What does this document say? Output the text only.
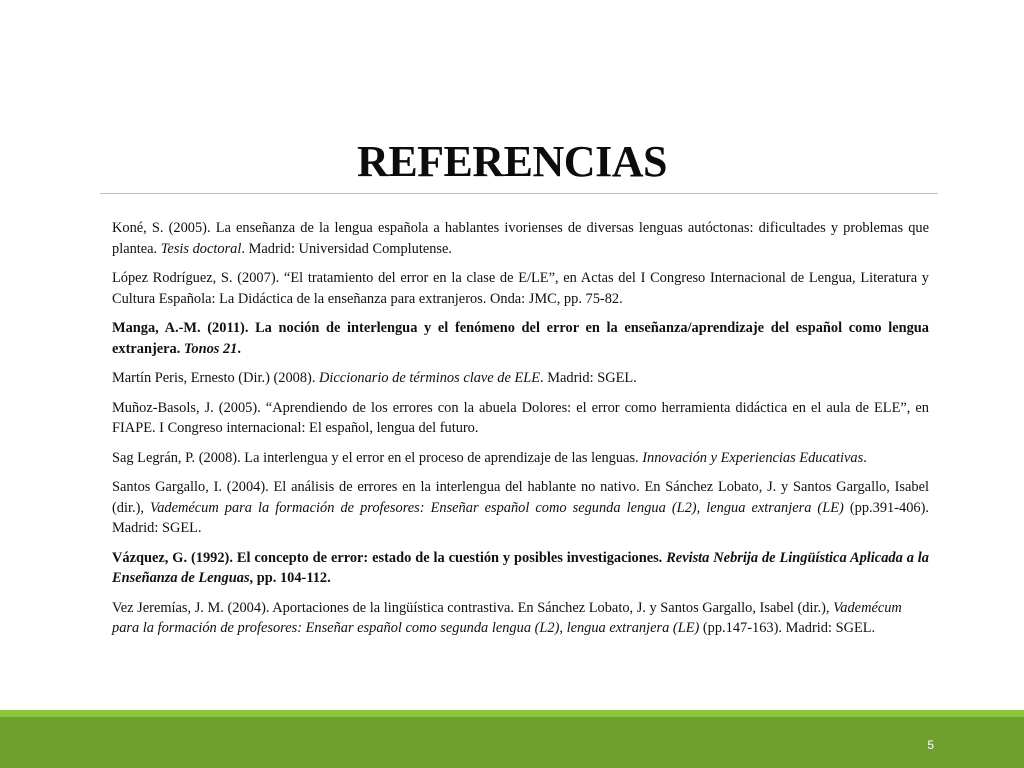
REFERENCIAS

Koné, S. (2005). La enseñanza de la lengua española a hablantes ivorienses de diversas lenguas autóctonas: dificultades y problemas que plantea. Tesis doctoral. Madrid: Universidad Complutense.

López Rodríguez, S. (2007). “El tratamiento del error en la clase de E/LE”, en Actas del I Congreso Internacional de Lengua, Literatura y Cultura Española: La Didáctica de la enseñanza para extranjeros. Onda: JMC, pp. 75-82.

Manga, A.-M. (2011). La noción de interlengua y el fenómeno del error en la enseñanza/aprendizaje del español como lengua extranjera. Tonos 21.

Martín Peris, Ernesto (Dir.) (2008). Diccionario de términos clave de ELE. Madrid: SGEL.

Muñoz-Basols, J. (2005). “Aprendiendo de los errores con la abuela Dolores: el error como herramienta didáctica en el aula de ELE”, en FIAPE. I Congreso internacional: El español, lengua del futuro.

Sag Legrán, P. (2008). La interlengua y el error en el proceso de aprendizaje de las lenguas. Innovación y Experiencias Educativas.

Santos Gargallo, I. (2004). El análisis de errores en la interlengua del hablante no nativo. En Sánchez Lobato, J. y Santos Gargallo, Isabel (dir.), Vademécum para la formación de profesores: Enseñar español como segunda lengua (L2), lengua extranjera (LE) (pp.391-406). Madrid: SGEL.

Vázquez, G. (1992). El concepto de error: estado de la cuestión y posibles investigaciones. Revista Nebrija de Lingüística Aplicada a la Enseñanza de Lenguas, pp. 104-112.

Vez Jeremías, J. M. (2004). Aportaciones de la lingüística contrastiva. En Sánchez Lobato, J. y Santos Gargallo, Isabel (dir.), Vademécum para la formación de profesores: Enseñar español como segunda lengua (L2), lengua extranjera (LE) (pp.147-163). Madrid: SGEL.

5
